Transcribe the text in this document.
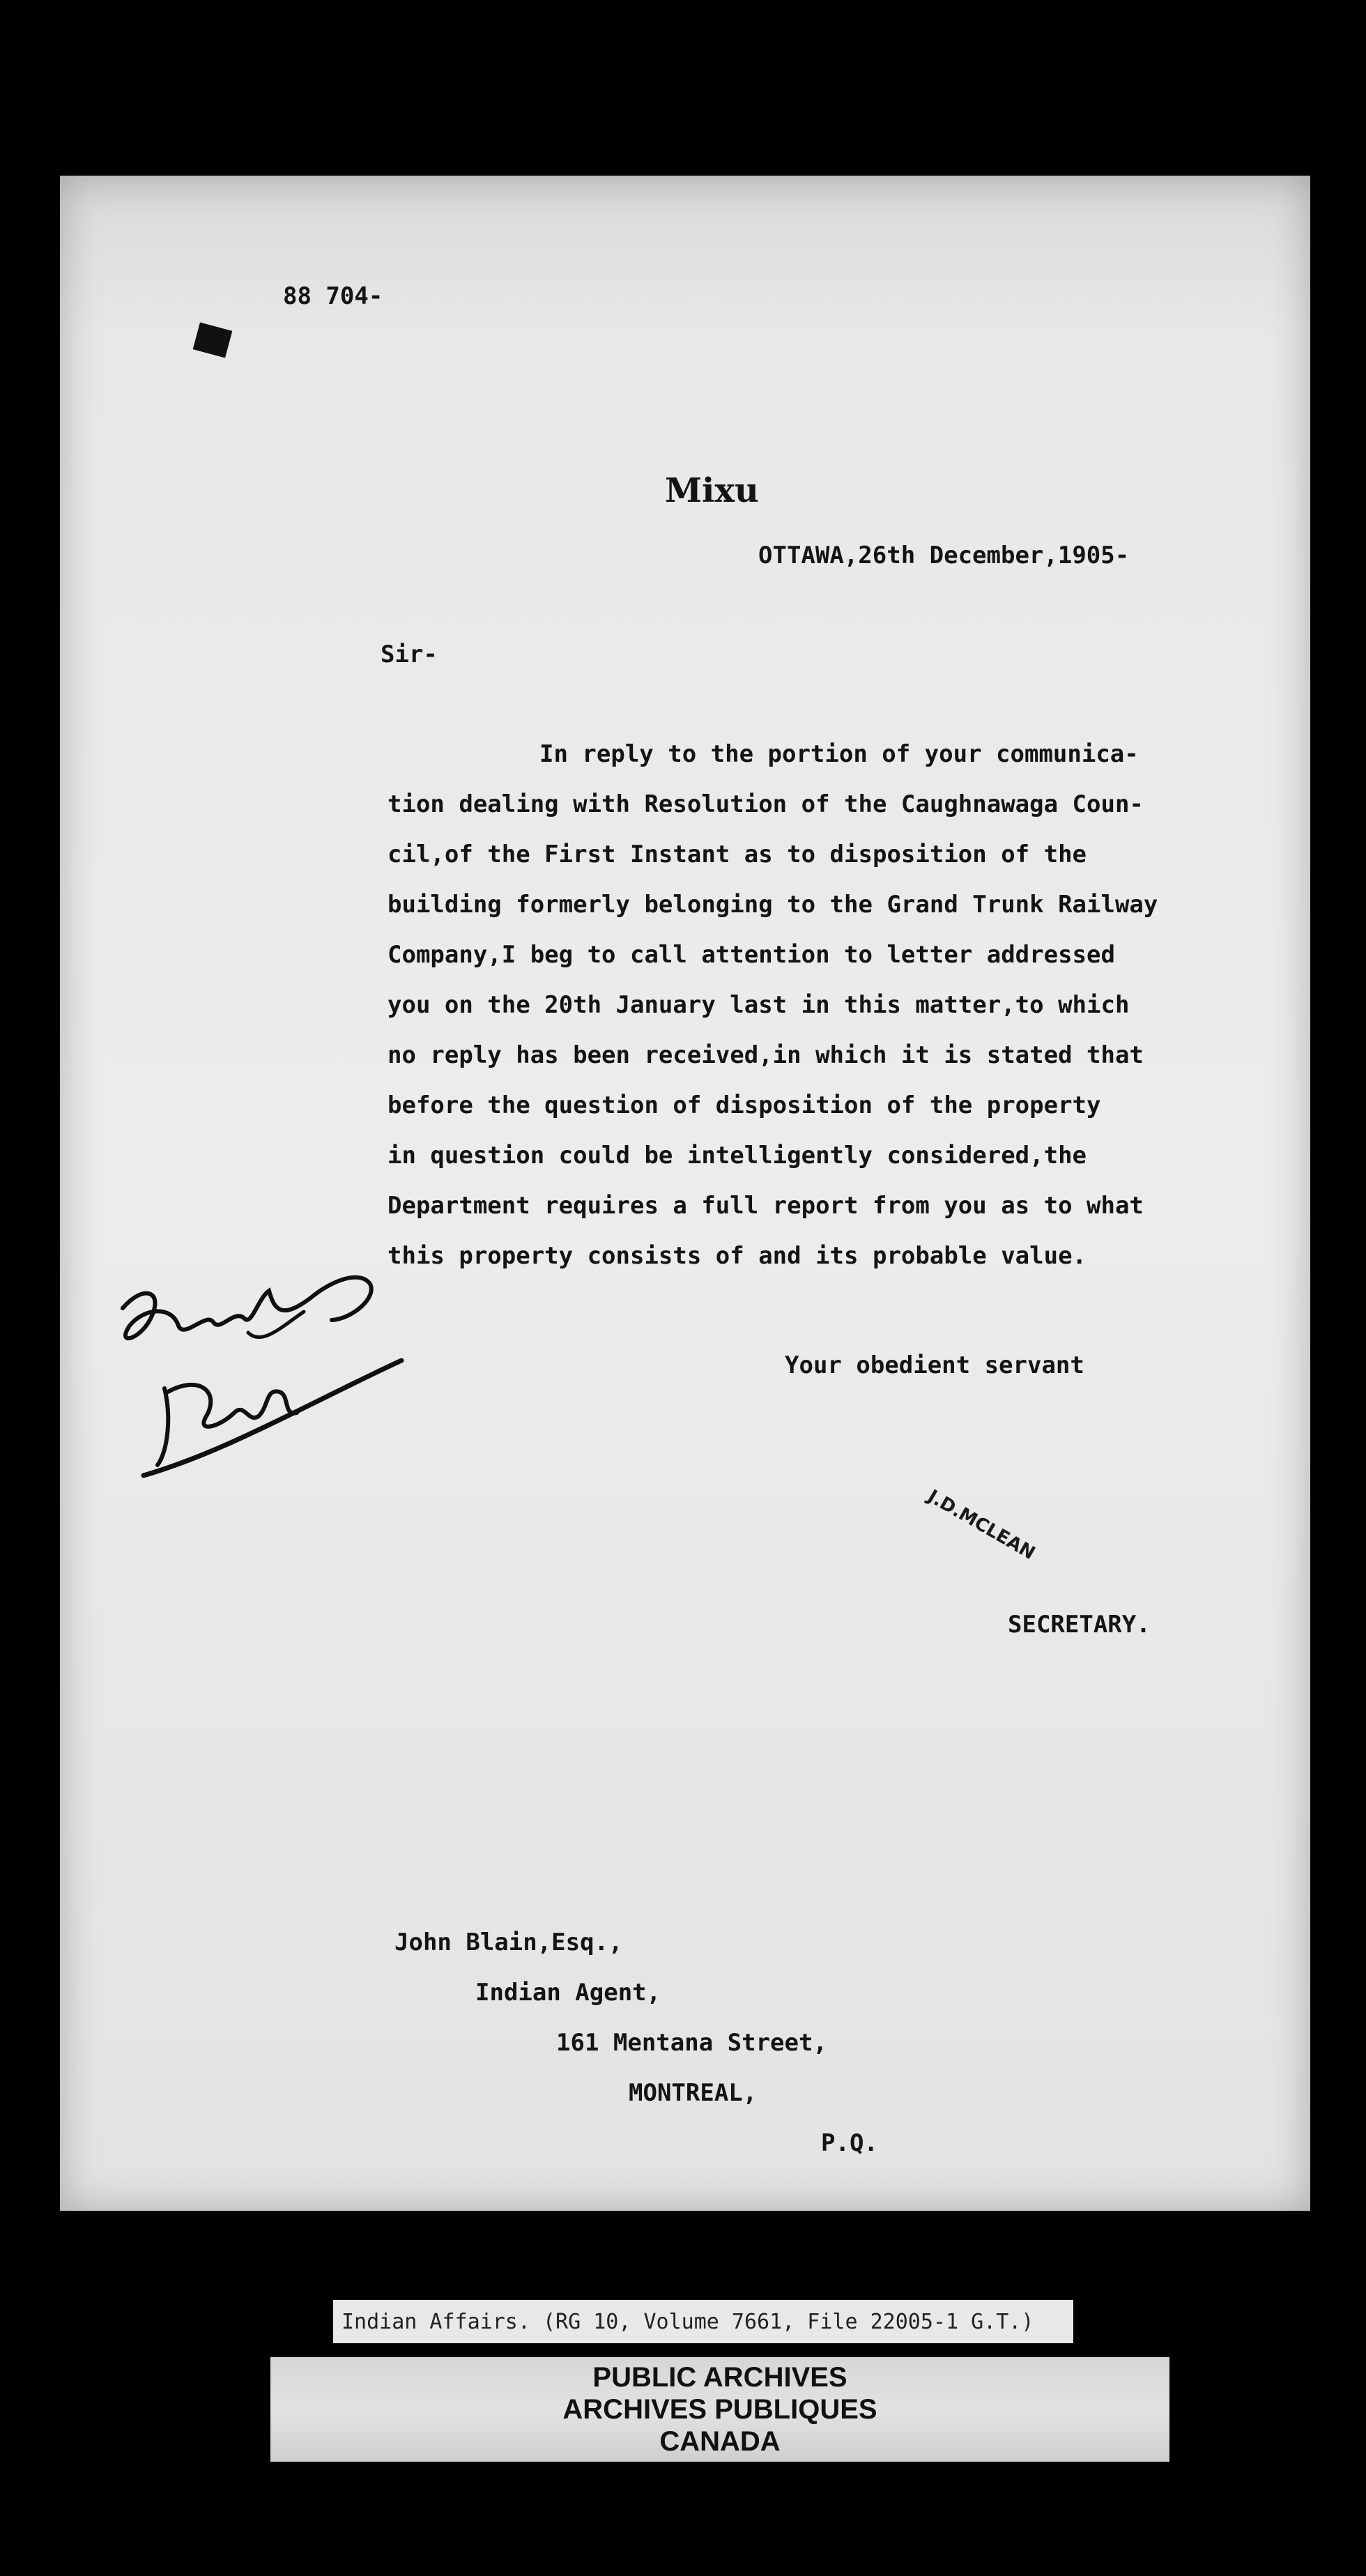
88 704-
Mixu
OTTAWA,26th December,1905-
Sir-
In reply to the portion of your communica-
tion dealing with Resolution of the Caughnawaga Coun-
cil,of the First Instant as to disposition of the
building formerly belonging to the Grand Trunk Railway
Company,I beg to call attention to letter addressed
you on the 20th January last in this matter,to which
no reply has been received,in which it is stated that
before the question of disposition of the property
in question could be intelligently considered,the
Department requires a full report from you as to what
this property consists of and its probable value.
Your obedient servant
J.D.MCLEAN
SECRETARY.
John Blain,Esq.,
Indian Agent,
161 Mentana Street,
MONTREAL,
P.Q.
Indian Affairs. (RG 10, Volume 7661, File 22005-1 G.T.)
PUBLIC ARCHIVES
ARCHIVES PUBLIQUES
CANADA
